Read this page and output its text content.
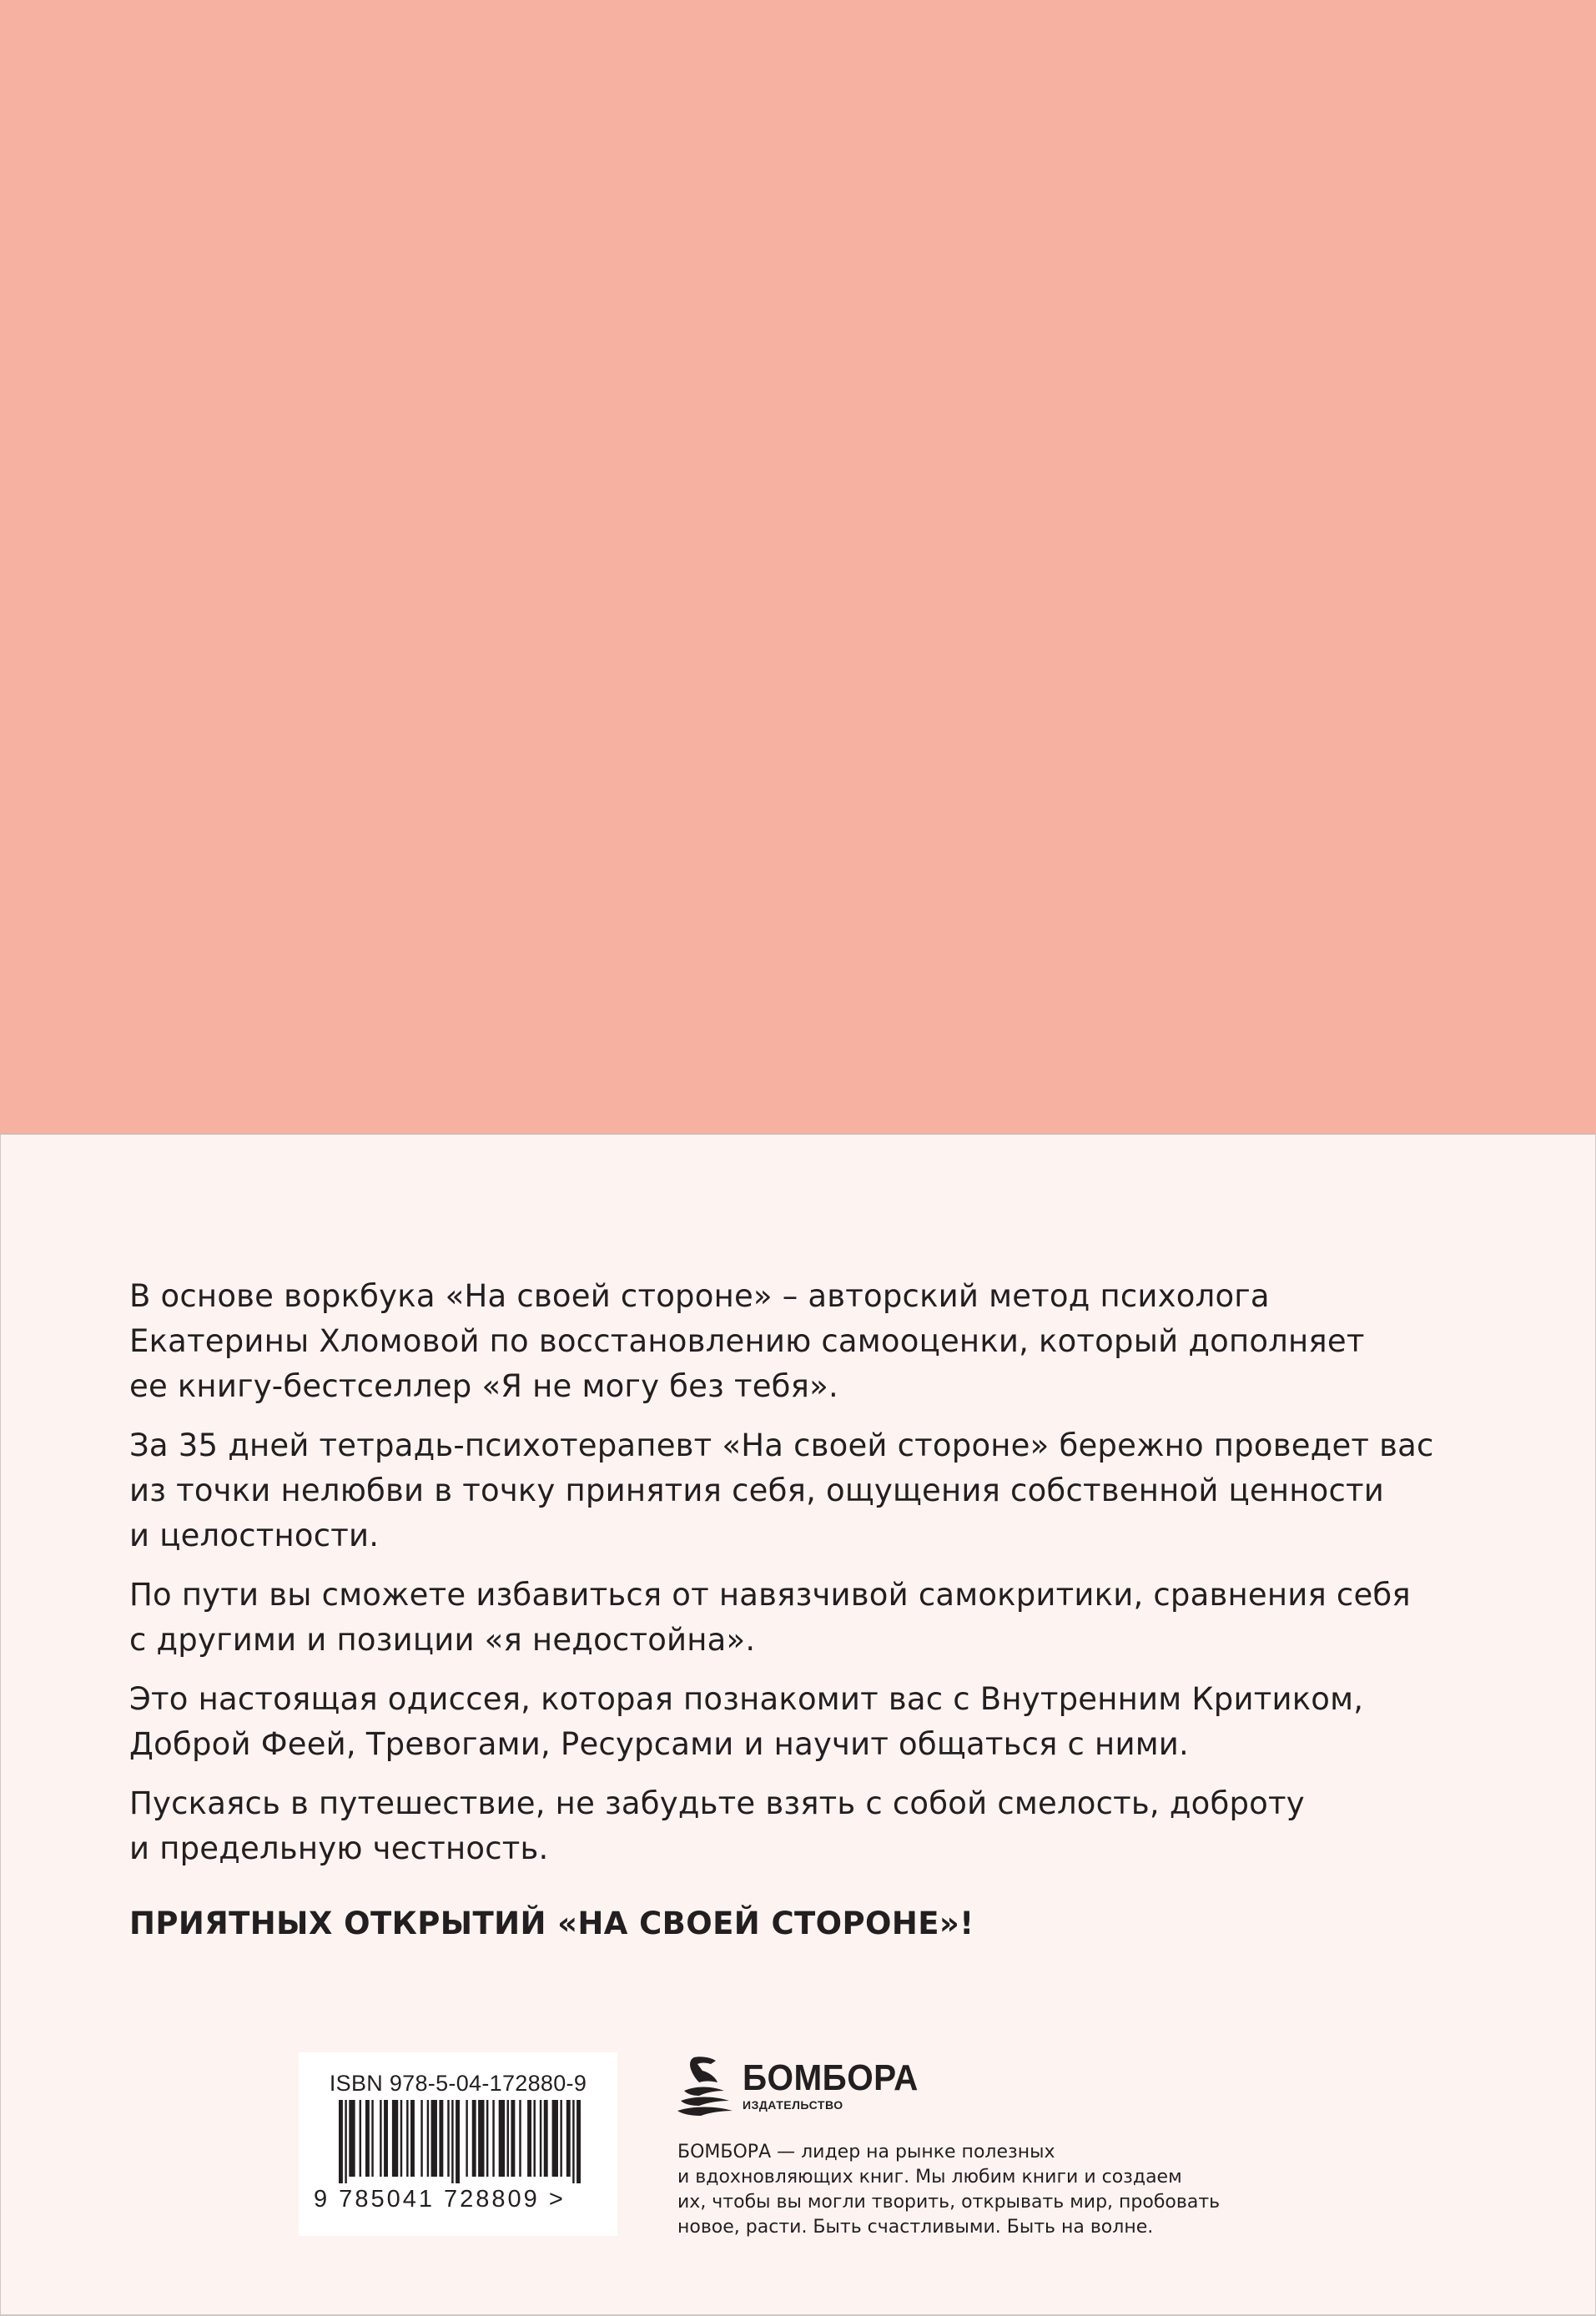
В основе воркбука «На своей стороне» – авторский метод психолога
Екатерины Хломовой по восстановлению самооценки, который дополняет
ее книгу-бестселлер «Я не могу без тебя».

За 35 дней тетрадь-психотерапевт «На своей стороне» бережно проведет вас
из точки нелюбви в точку принятия себя, ощущения собственной ценности
и целостности.

По пути вы сможете избавиться от навязчивой самокритики, сравнения себя
с другими и позиции «я недостойна».

Это настоящая одиссея, которая познакомит вас с Внутренним Критиком,
Доброй Феей, Тревогами, Ресурсами и научит общаться с ними.

Пускаясь в путешествие, не забудьте взять с собой смелость, доброту
и предельную честность.

ПРИЯТНЫХ ОТКРЫТИЙ «НА СВОЕЙ СТОРОНЕ»!

ISBN 978-5-04-172880-9
9 785041 728809 >
БОМБОРА
ИЗДАТЕЛЬСТВО
БОМБОРА — лидер на рынке полезных
и вдохновляющих книг. Мы любим книги и создаем
их, чтобы вы могли творить, открывать мир, пробовать
новое, расти. Быть счастливыми. Быть на волне.
